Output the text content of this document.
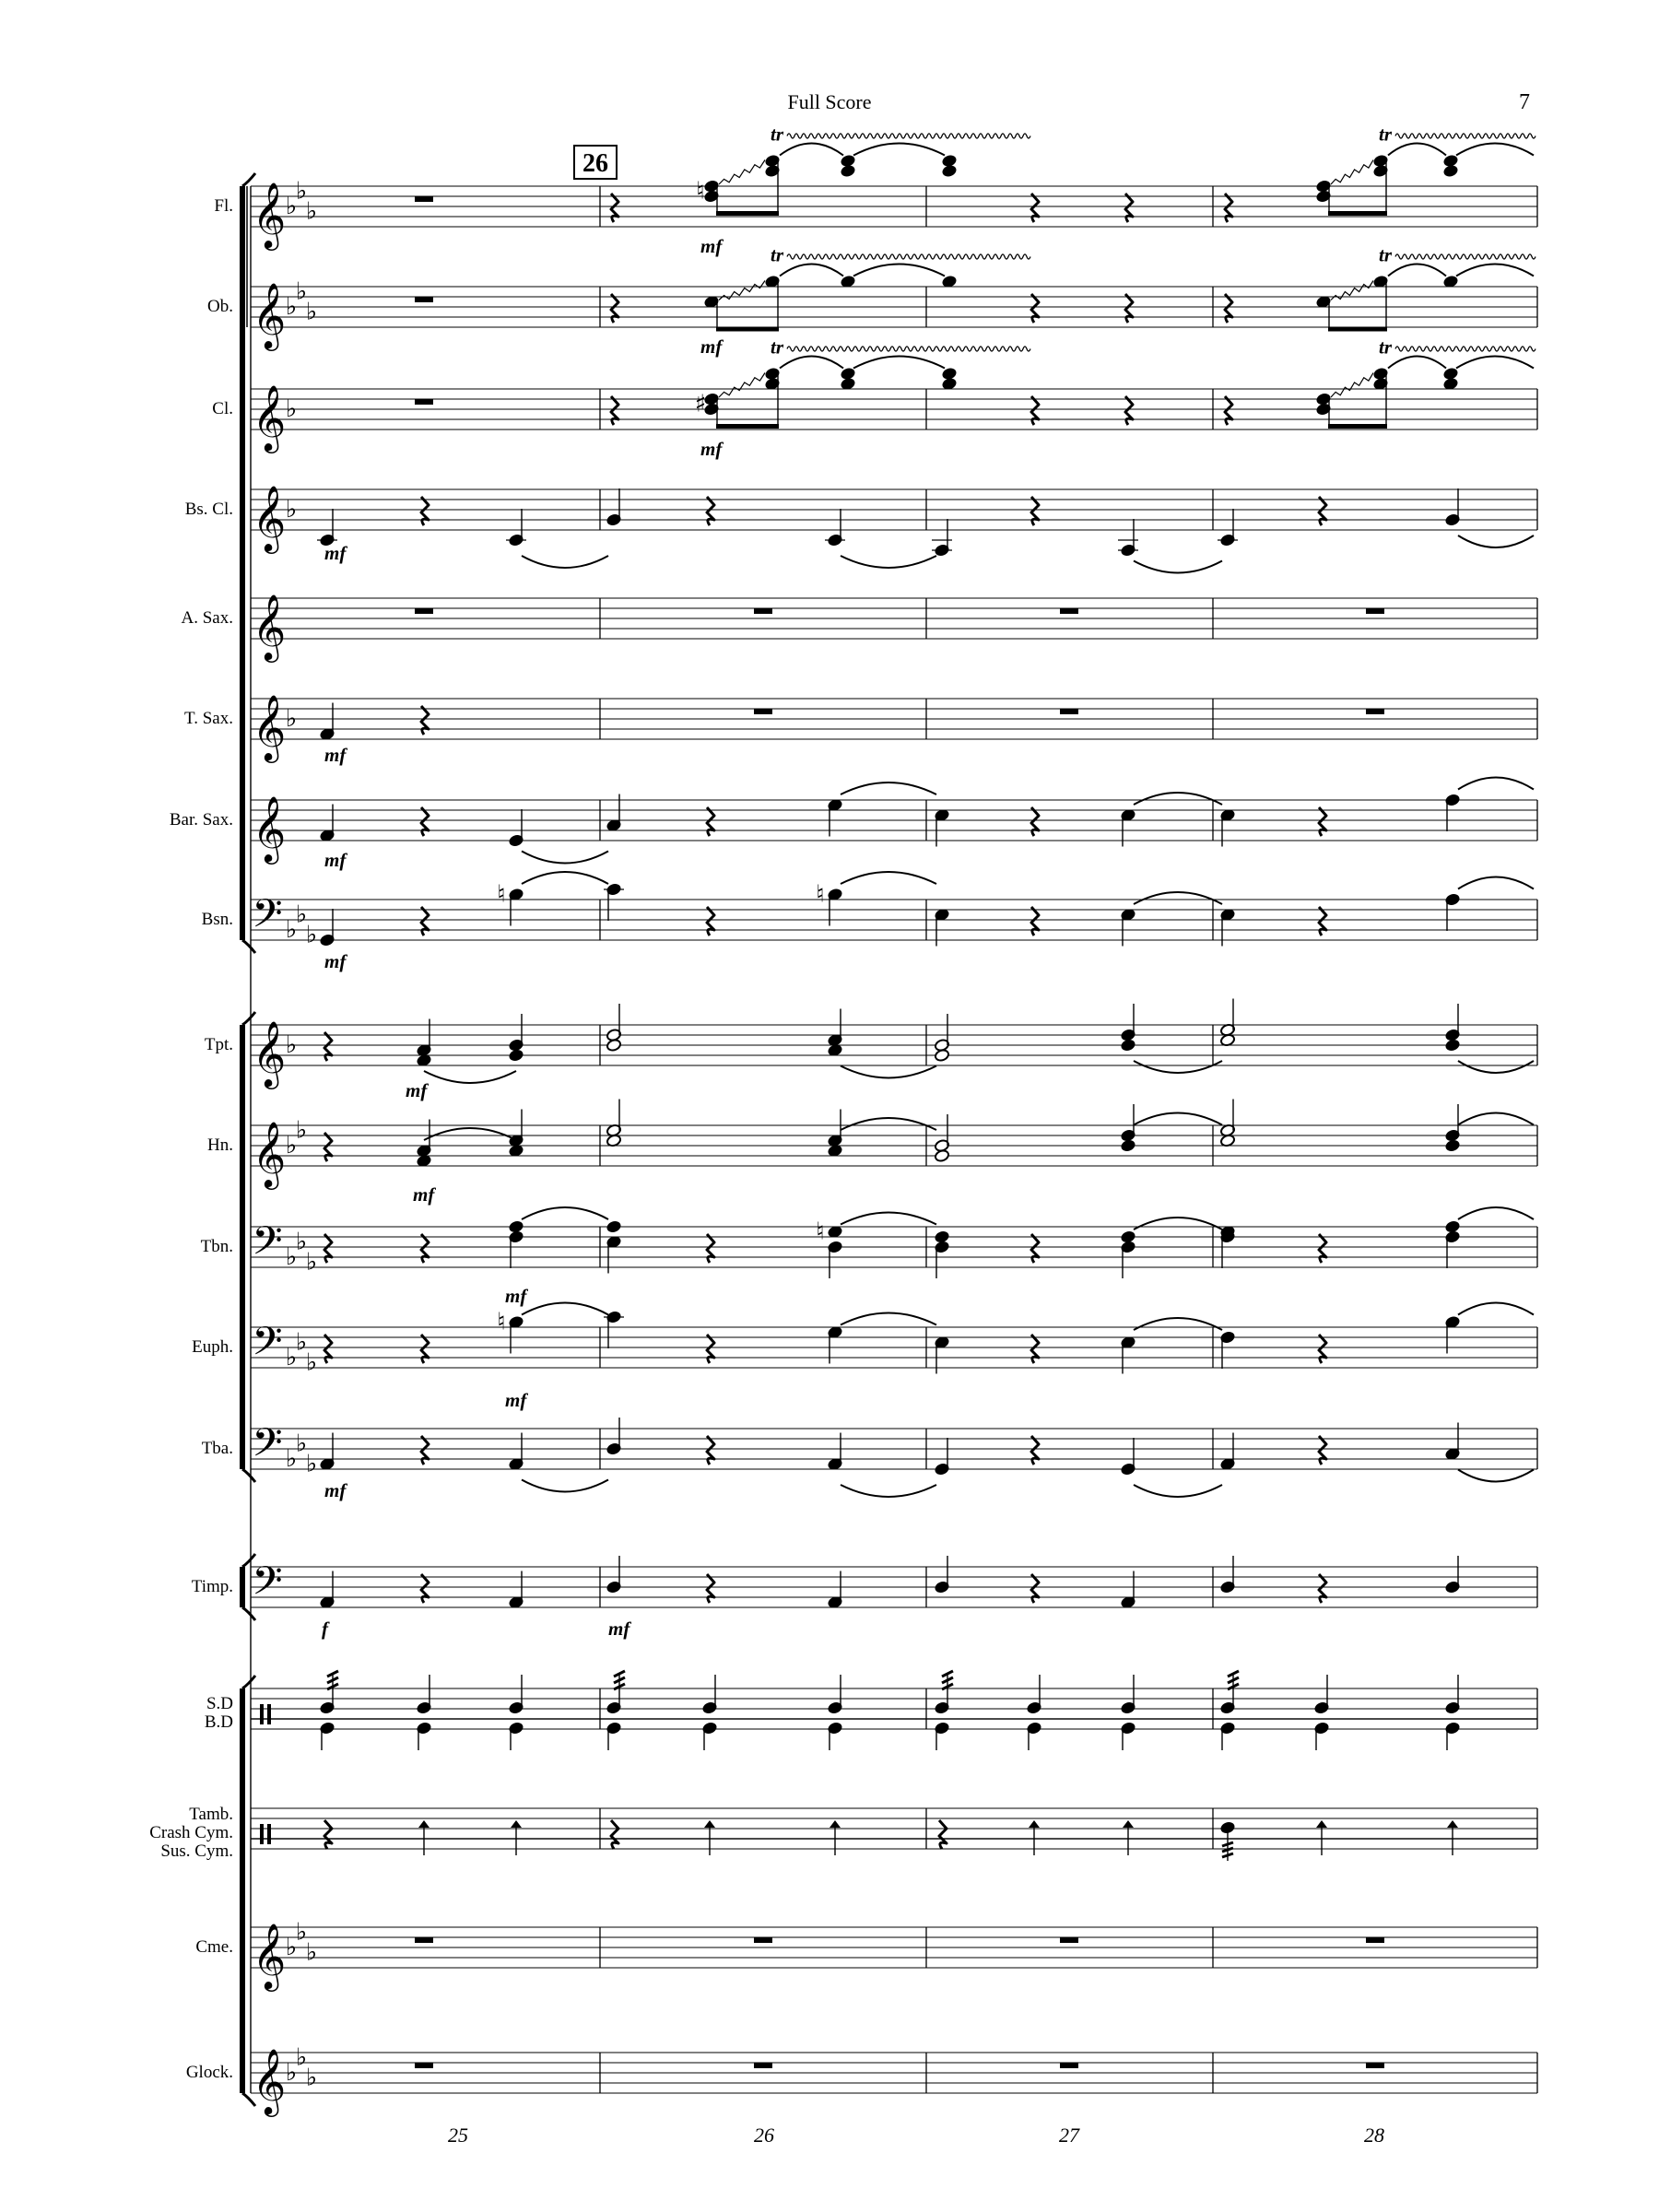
Full Score	7
Fl. 𝄞 ♭
♭
♭
Ob. 𝄞 ♭
♭
♭
Cl. 𝄞 ♭
Bs. Cl. 𝄞 ♭
A. Sax. 𝄞
T. Sax. 𝄞 ♭
Bar. Sax. 𝄞
Bsn. 𝄢 ♭
♭
♭
Tpt. 𝄞 ♭
Hn. 𝄞 ♭
♭
Tbn. 𝄢 ♭
♭
♭
Euph. 𝄢 ♭
♭
♭
Tba. 𝄢 ♭
♭
♭
Timp. 𝄢
S.D
B.D
Tamb.
Crash Cym.
Sus. Cym.
Cme. 𝄞 ♭
♭
♭
Glock. 𝄞 ♭
♭
♭
26
25	26	27	28
tr	tr
mf	tr	tr
mf	tr	tr
mf
♮
♯
mf
mf
mf
♮	♮
mf
mf
mf
♮
mf
♮
mf
mf
f	mf
